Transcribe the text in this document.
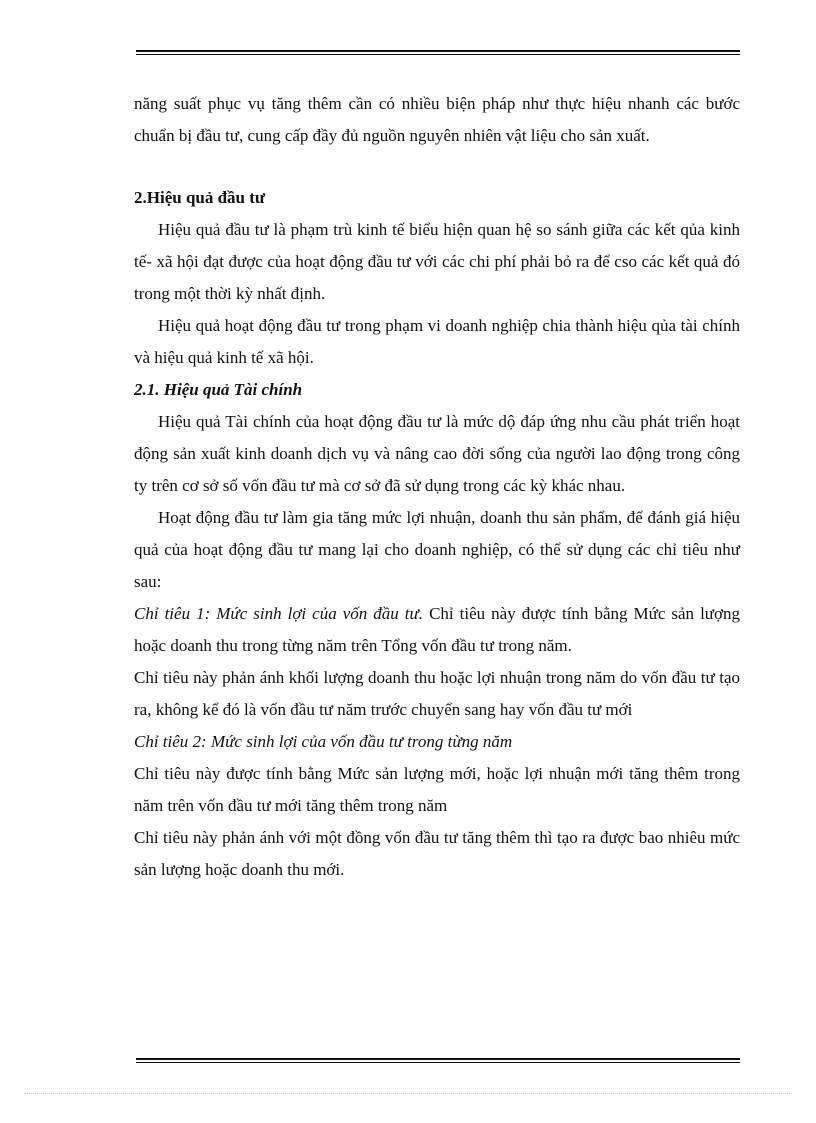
năng suất phục vụ tăng thêm cần có nhiều biện pháp như thực hiệu nhanh các bước chuẩn bị đầu tư, cung cấp đầy đủ nguồn nguyên nhiên vật liệu cho sản xuất.

2.Hiệu quả đầu tư

Hiệu quả đầu tư là phạm trù kinh tế biểu hiện quan hệ so sánh giữa các kết qủa kinh tế- xã hội đạt được của hoạt động đầu tư với các chi phí phải bỏ ra để cso các kết quả đó trong một thời kỳ nhất định.

Hiệu quả hoạt động đầu tư trong phạm vi doanh nghiệp chia thành hiệu qủa tài chính và hiệu quả kinh tế xã hội.

2.1. Hiệu quả Tài chính

Hiệu quả Tài chính của hoạt động đầu tư là mức dộ đáp ứng nhu cầu phát triển hoạt động sản xuất kinh doanh dịch vụ và nâng cao đời sống của người lao động trong công ty trên cơ sở số vốn đầu tư mà cơ sở đã sử dụng trong các kỳ khác nhau.

Hoạt động đầu tư làm gia tăng mức lợi nhuận, doanh thu sản phẩm, để đánh giá hiệu quả của hoạt động đầu tư mang lại cho doanh nghiệp, có thể sử dụng các chỉ tiêu như sau:

Chỉ tiêu 1: Mức sinh lợi của vốn đầu tư. Chỉ tiêu này được tính bằng Mức sản lượng hoặc doanh thu trong từng năm trên Tổng vốn đầu tư trong năm.

Chỉ tiêu này phản ánh khối lượng doanh thu hoặc lợi nhuận trong năm do vốn đầu tư tạo ra, không kể đó là vốn đầu tư năm trước chuyển sang hay vốn đầu tư mới

Chỉ tiêu 2: Mức sinh lợi của vốn đầu tư trong từng năm

Chỉ tiêu này được tính bằng Mức sản lượng mới, hoặc lợi nhuận mới tăng thêm trong năm trên vốn đầu tư mới tăng thêm trong năm

Chỉ tiêu này phản ánh với một đồng vốn đầu tư tăng thêm thì tạo ra được bao nhiêu mức sản lượng hoặc doanh thu mới.
